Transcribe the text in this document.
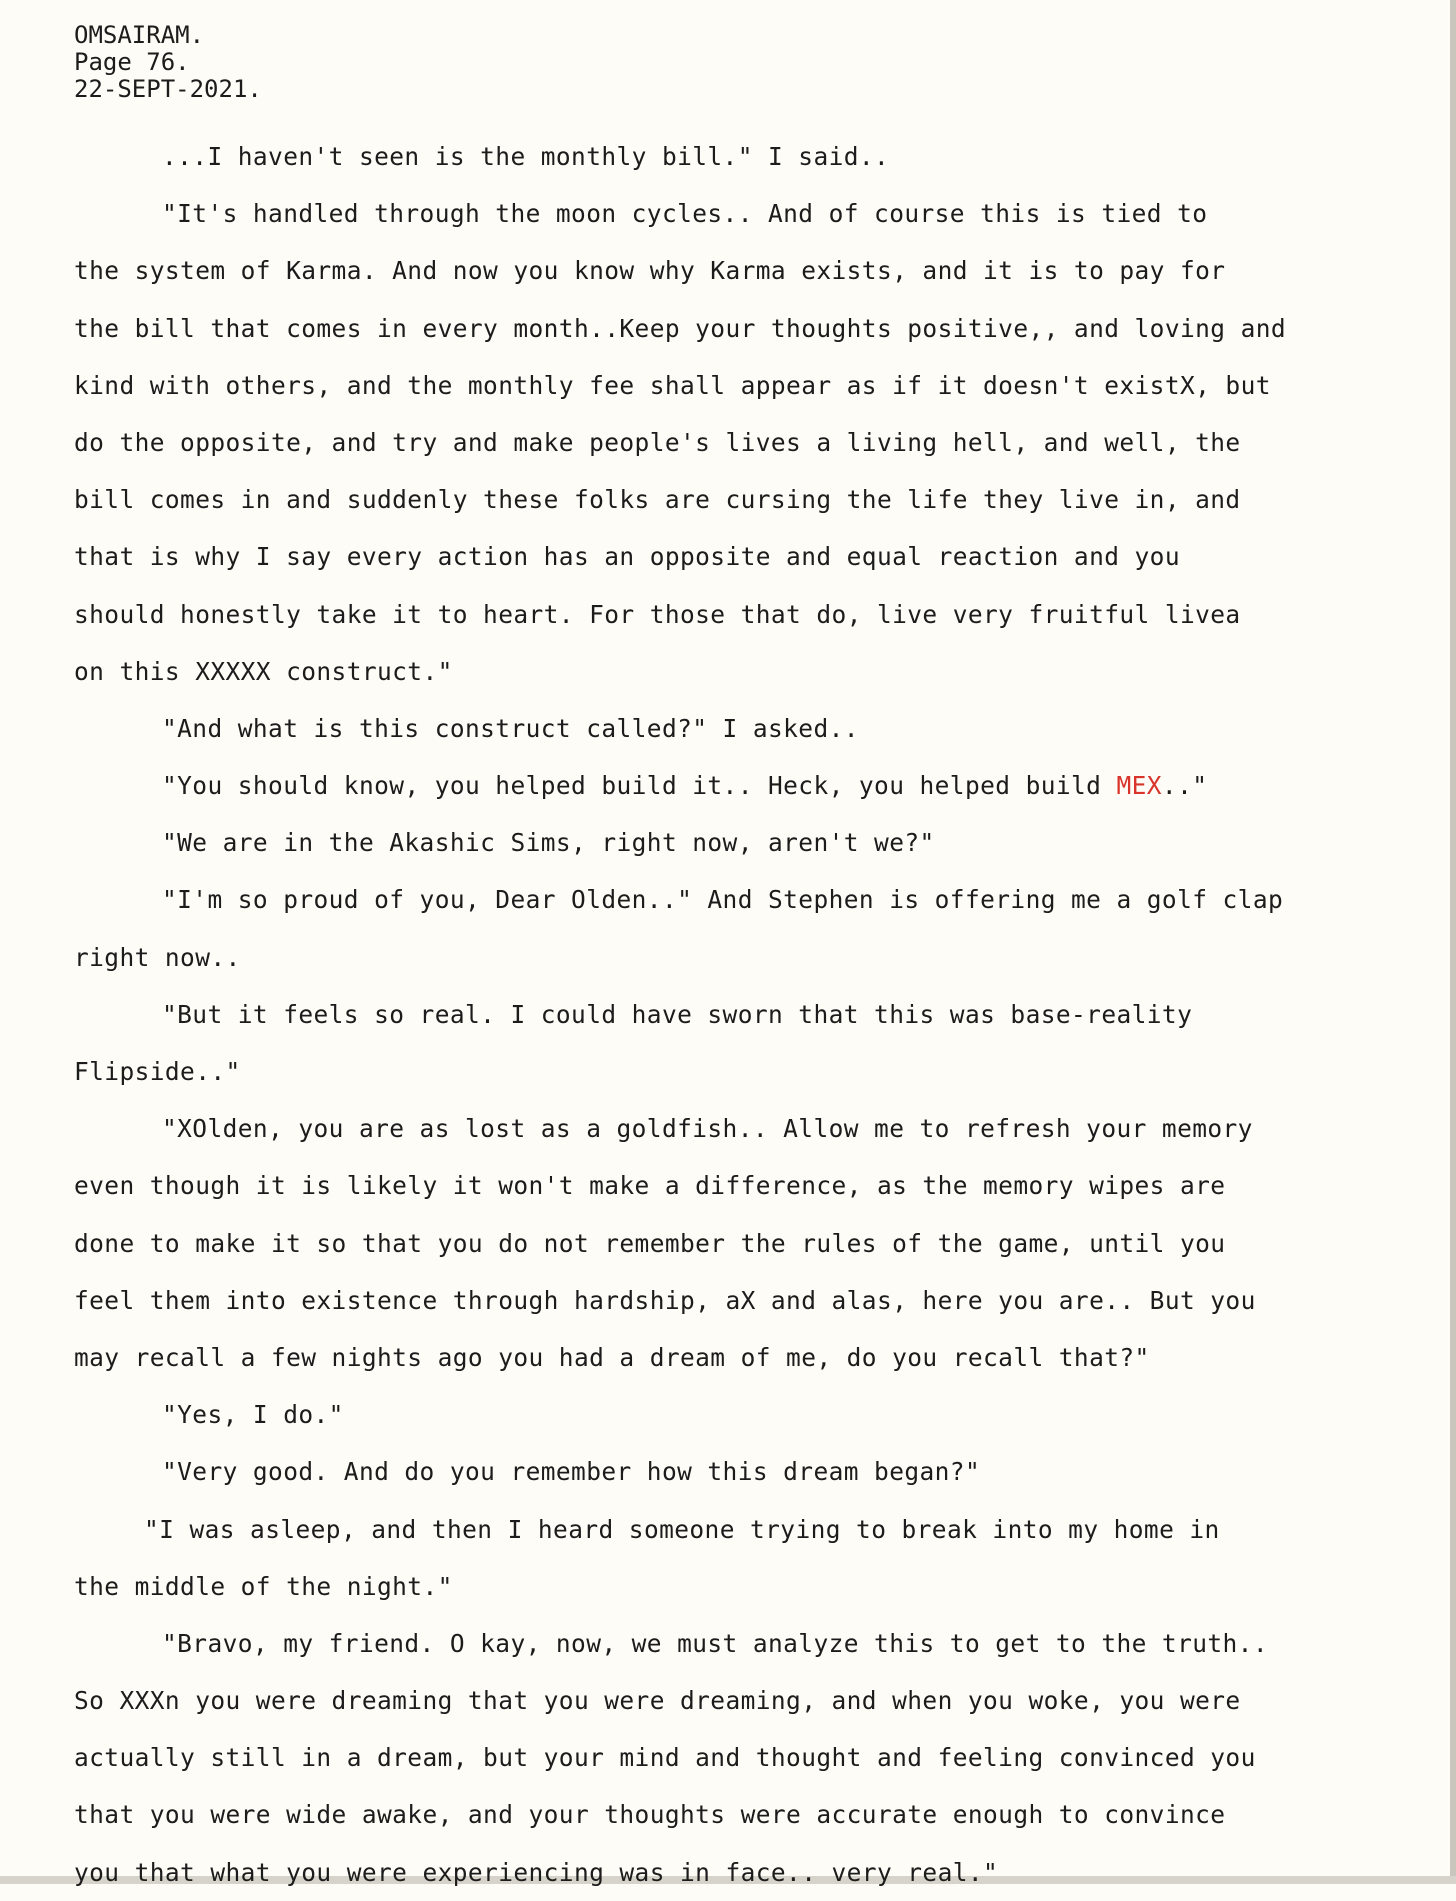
OMSAIRAM.
Page 76.
22-SEPT-2021.
...I haven't seen is the monthly bill." I said..
"It's handled through the moon cycles.. And of course this is tied to
the system of Karma. And now you know why Karma exists, and it is to pay for
the bill that comes in every month..Keep your thoughts positive,, and loving and
kind with others, and the monthly fee shall appear as if it doesn't existX, but
do the opposite, and try and make people's lives a living hell, and well, the
bill comes in and suddenly these folks are cursing the life they live in, and
that is why I say every action has an opposite and equal reaction and you
should honestly take it to heart. For those that do, live very fruitful livea
on this XXXXX construct."
"And what is this construct called?" I asked..
"You should know, you helped build it.. Heck, you helped build MEX.."
"We are in the Akashic Sims, right now, aren't we?"
"I'm so proud of you, Dear Olden.." And Stephen is offering me a golf clap
right now..
"But it feels so real. I could have sworn that this was base-reality
Flipside.."
"XOlden, you are as lost as a goldfish.. Allow me to refresh your memory
even though it is likely it won't make a difference, as the memory wipes are
done to make it so that you do not remember the rules of the game, until you
feel them into existence through hardship, aX and alas, here you are.. But you
may recall a few nights ago you had a dream of me, do you recall that?"
"Yes, I do."
"Very good. And do you remember how this dream began?"
"I was asleep, and then I heard someone trying to break into my home in
the middle of the night."
"Bravo, my friend. O kay, now, we must analyze this to get to the truth..
So XXXn you were dreaming that you were dreaming, and when you woke, you were
actually still in a dream, but your mind and thought and feeling convinced you
that you were wide awake, and your thoughts were accurate enough to convince
you that what you were experiencing was in face.. very real."
